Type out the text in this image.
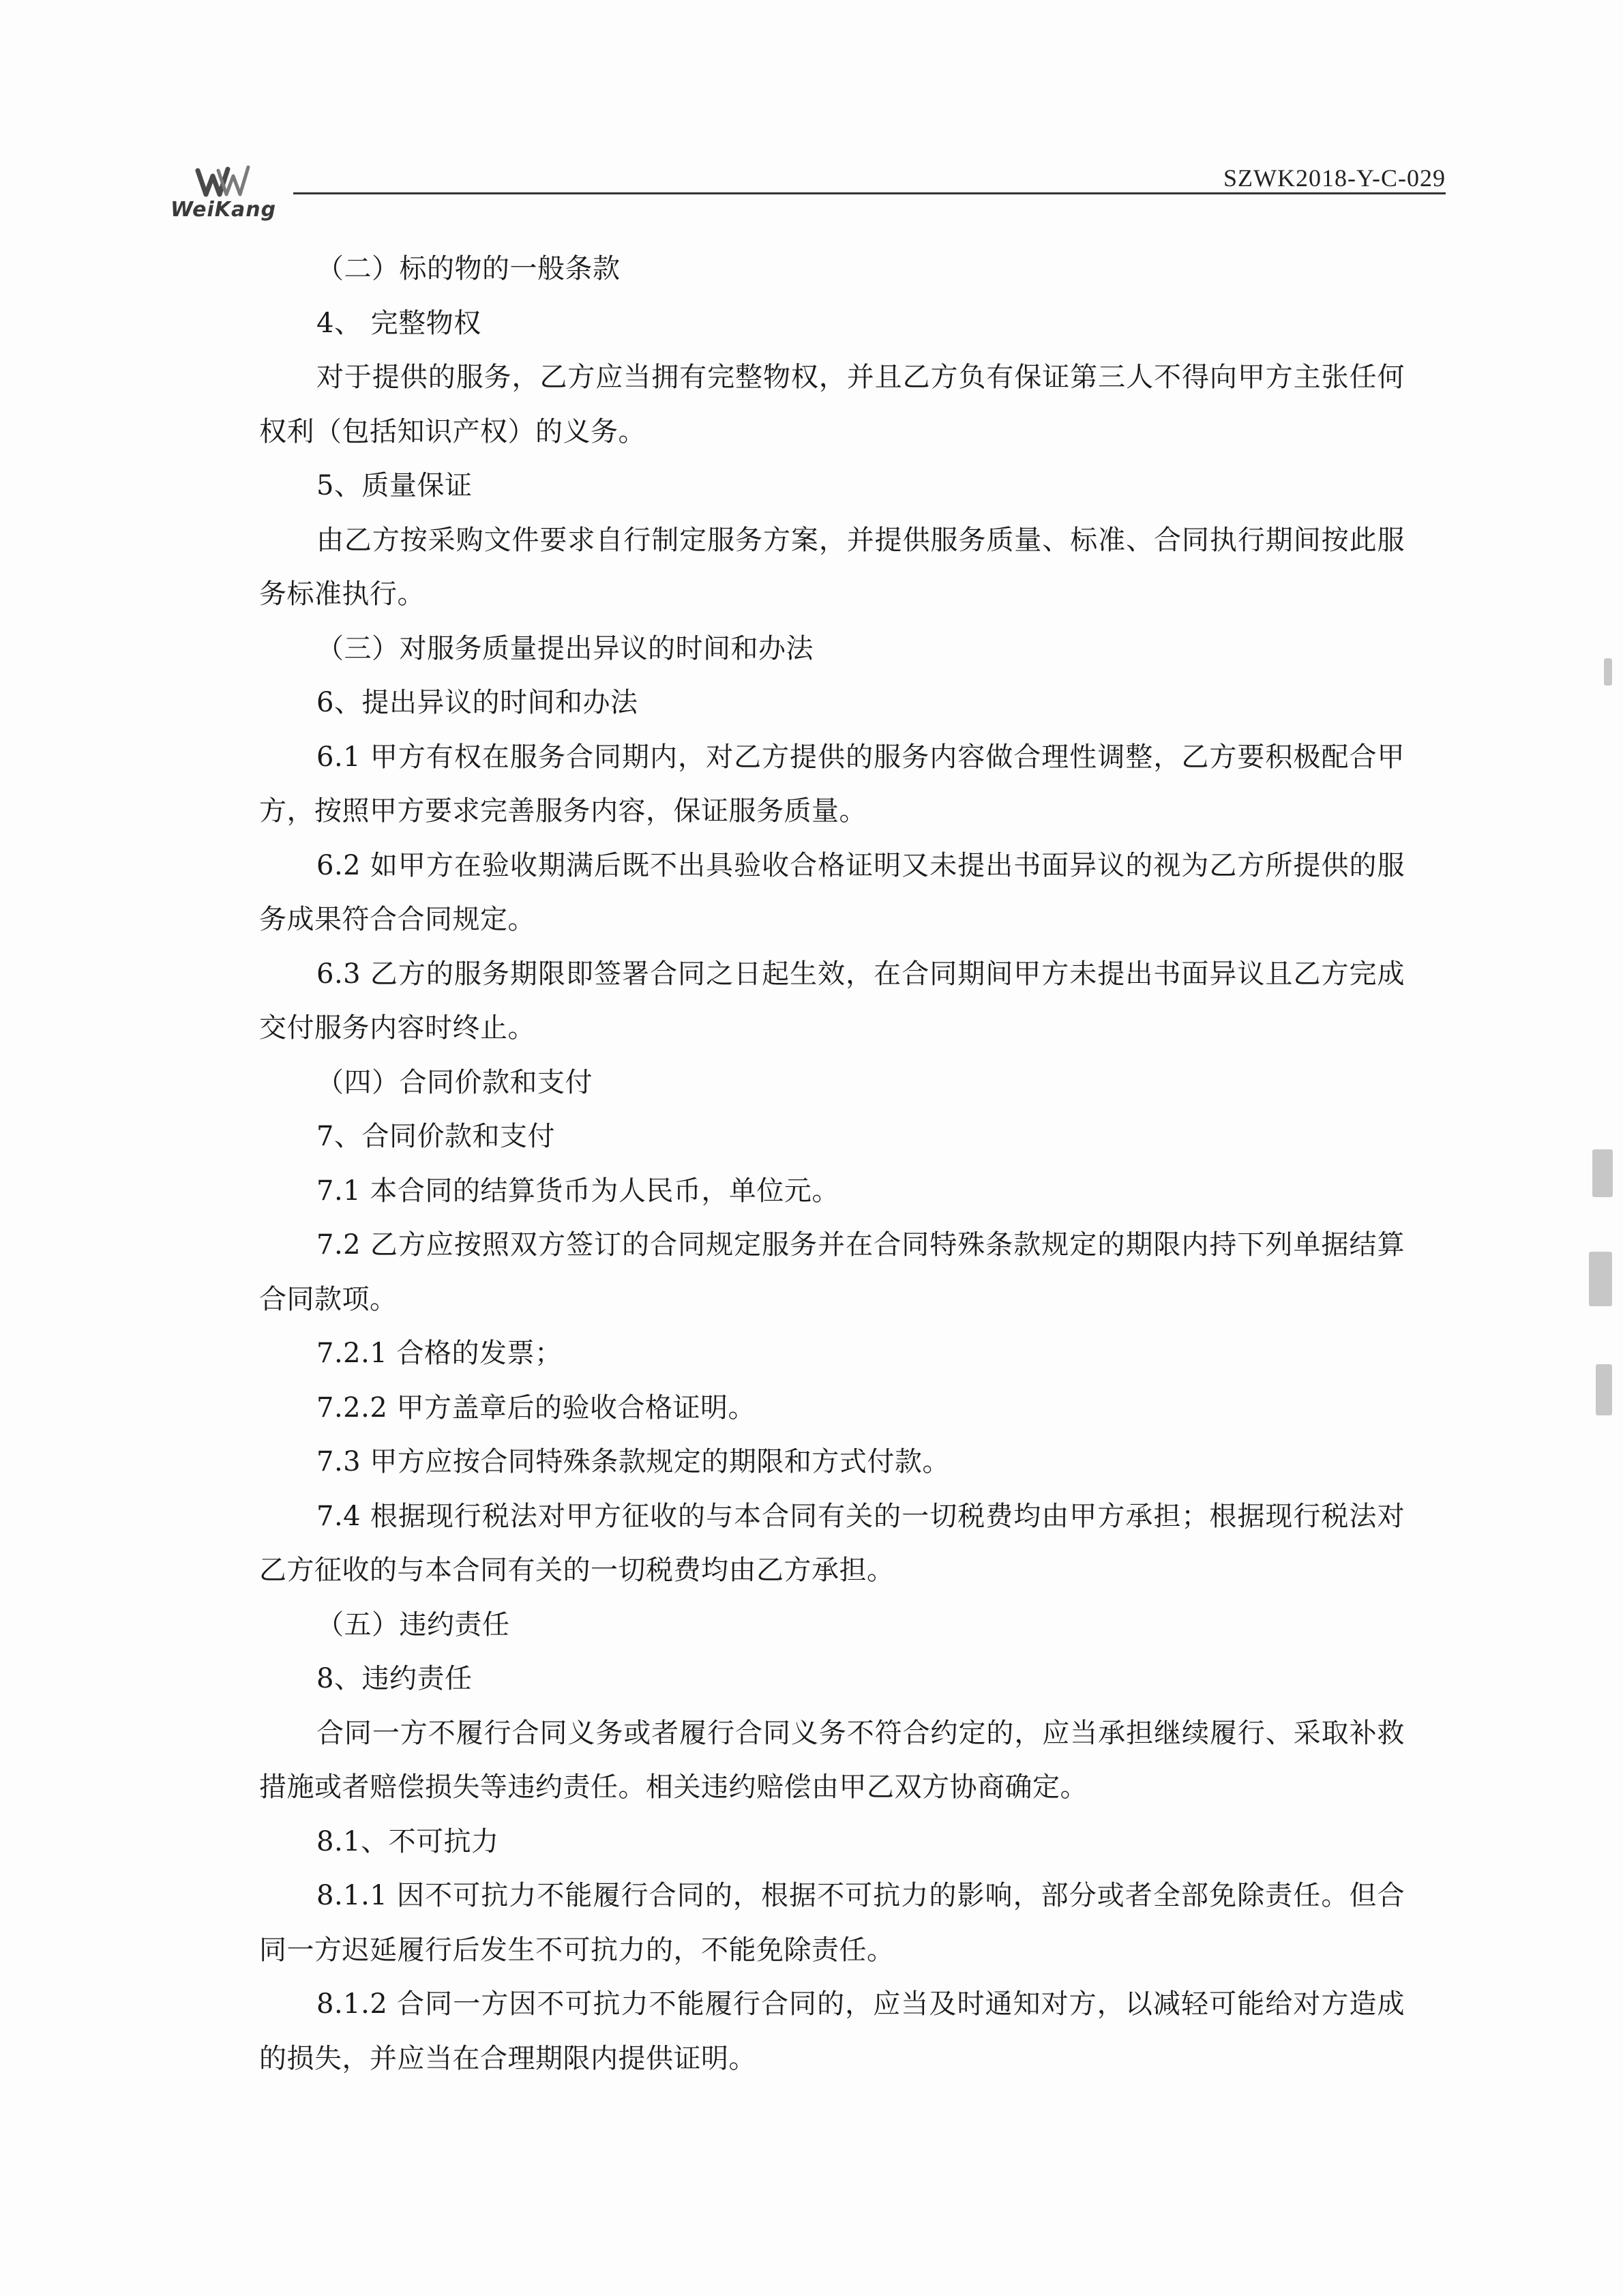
WeiKang
SZWK2018-Y-C-029

（二）标的物的一般条款

4、 完整物权

对于提供的服务，乙方应当拥有完整物权，并且乙方负有保证第三人不得向甲方主张任何权利（包括知识产权）的义务。

5、质量保证

由乙方按采购文件要求自行制定服务方案，并提供服务质量、标准、合同执行期间按此服务标准执行。

（三）对服务质量提出异议的时间和办法

6、提出异议的时间和办法

6.1 甲方有权在服务合同期内，对乙方提供的服务内容做合理性调整，乙方要积极配合甲方，按照甲方要求完善服务内容，保证服务质量。

6.2 如甲方在验收期满后既不出具验收合格证明又未提出书面异议的视为乙方所提供的服务成果符合合同规定。

6.3 乙方的服务期限即签署合同之日起生效，在合同期间甲方未提出书面异议且乙方完成交付服务内容时终止。

（四）合同价款和支付

7、合同价款和支付

7.1 本合同的结算货币为人民币，单位元。

7.2 乙方应按照双方签订的合同规定服务并在合同特殊条款规定的期限内持下列单据结算合同款项。

7.2.1 合格的发票；

7.2.2 甲方盖章后的验收合格证明。

7.3 甲方应按合同特殊条款规定的期限和方式付款。

7.4 根据现行税法对甲方征收的与本合同有关的一切税费均由甲方承担；根据现行税法对乙方征收的与本合同有关的一切税费均由乙方承担。

（五）违约责任

8、违约责任

合同一方不履行合同义务或者履行合同义务不符合约定的，应当承担继续履行、采取补救措施或者赔偿损失等违约责任。相关违约赔偿由甲乙双方协商确定。

8.1、不可抗力

8.1.1 因不可抗力不能履行合同的，根据不可抗力的影响，部分或者全部免除责任。但合同一方迟延履行后发生不可抗力的，不能免除责任。

8.1.2 合同一方因不可抗力不能履行合同的，应当及时通知对方，以减轻可能给对方造成的损失，并应当在合理期限内提供证明。
